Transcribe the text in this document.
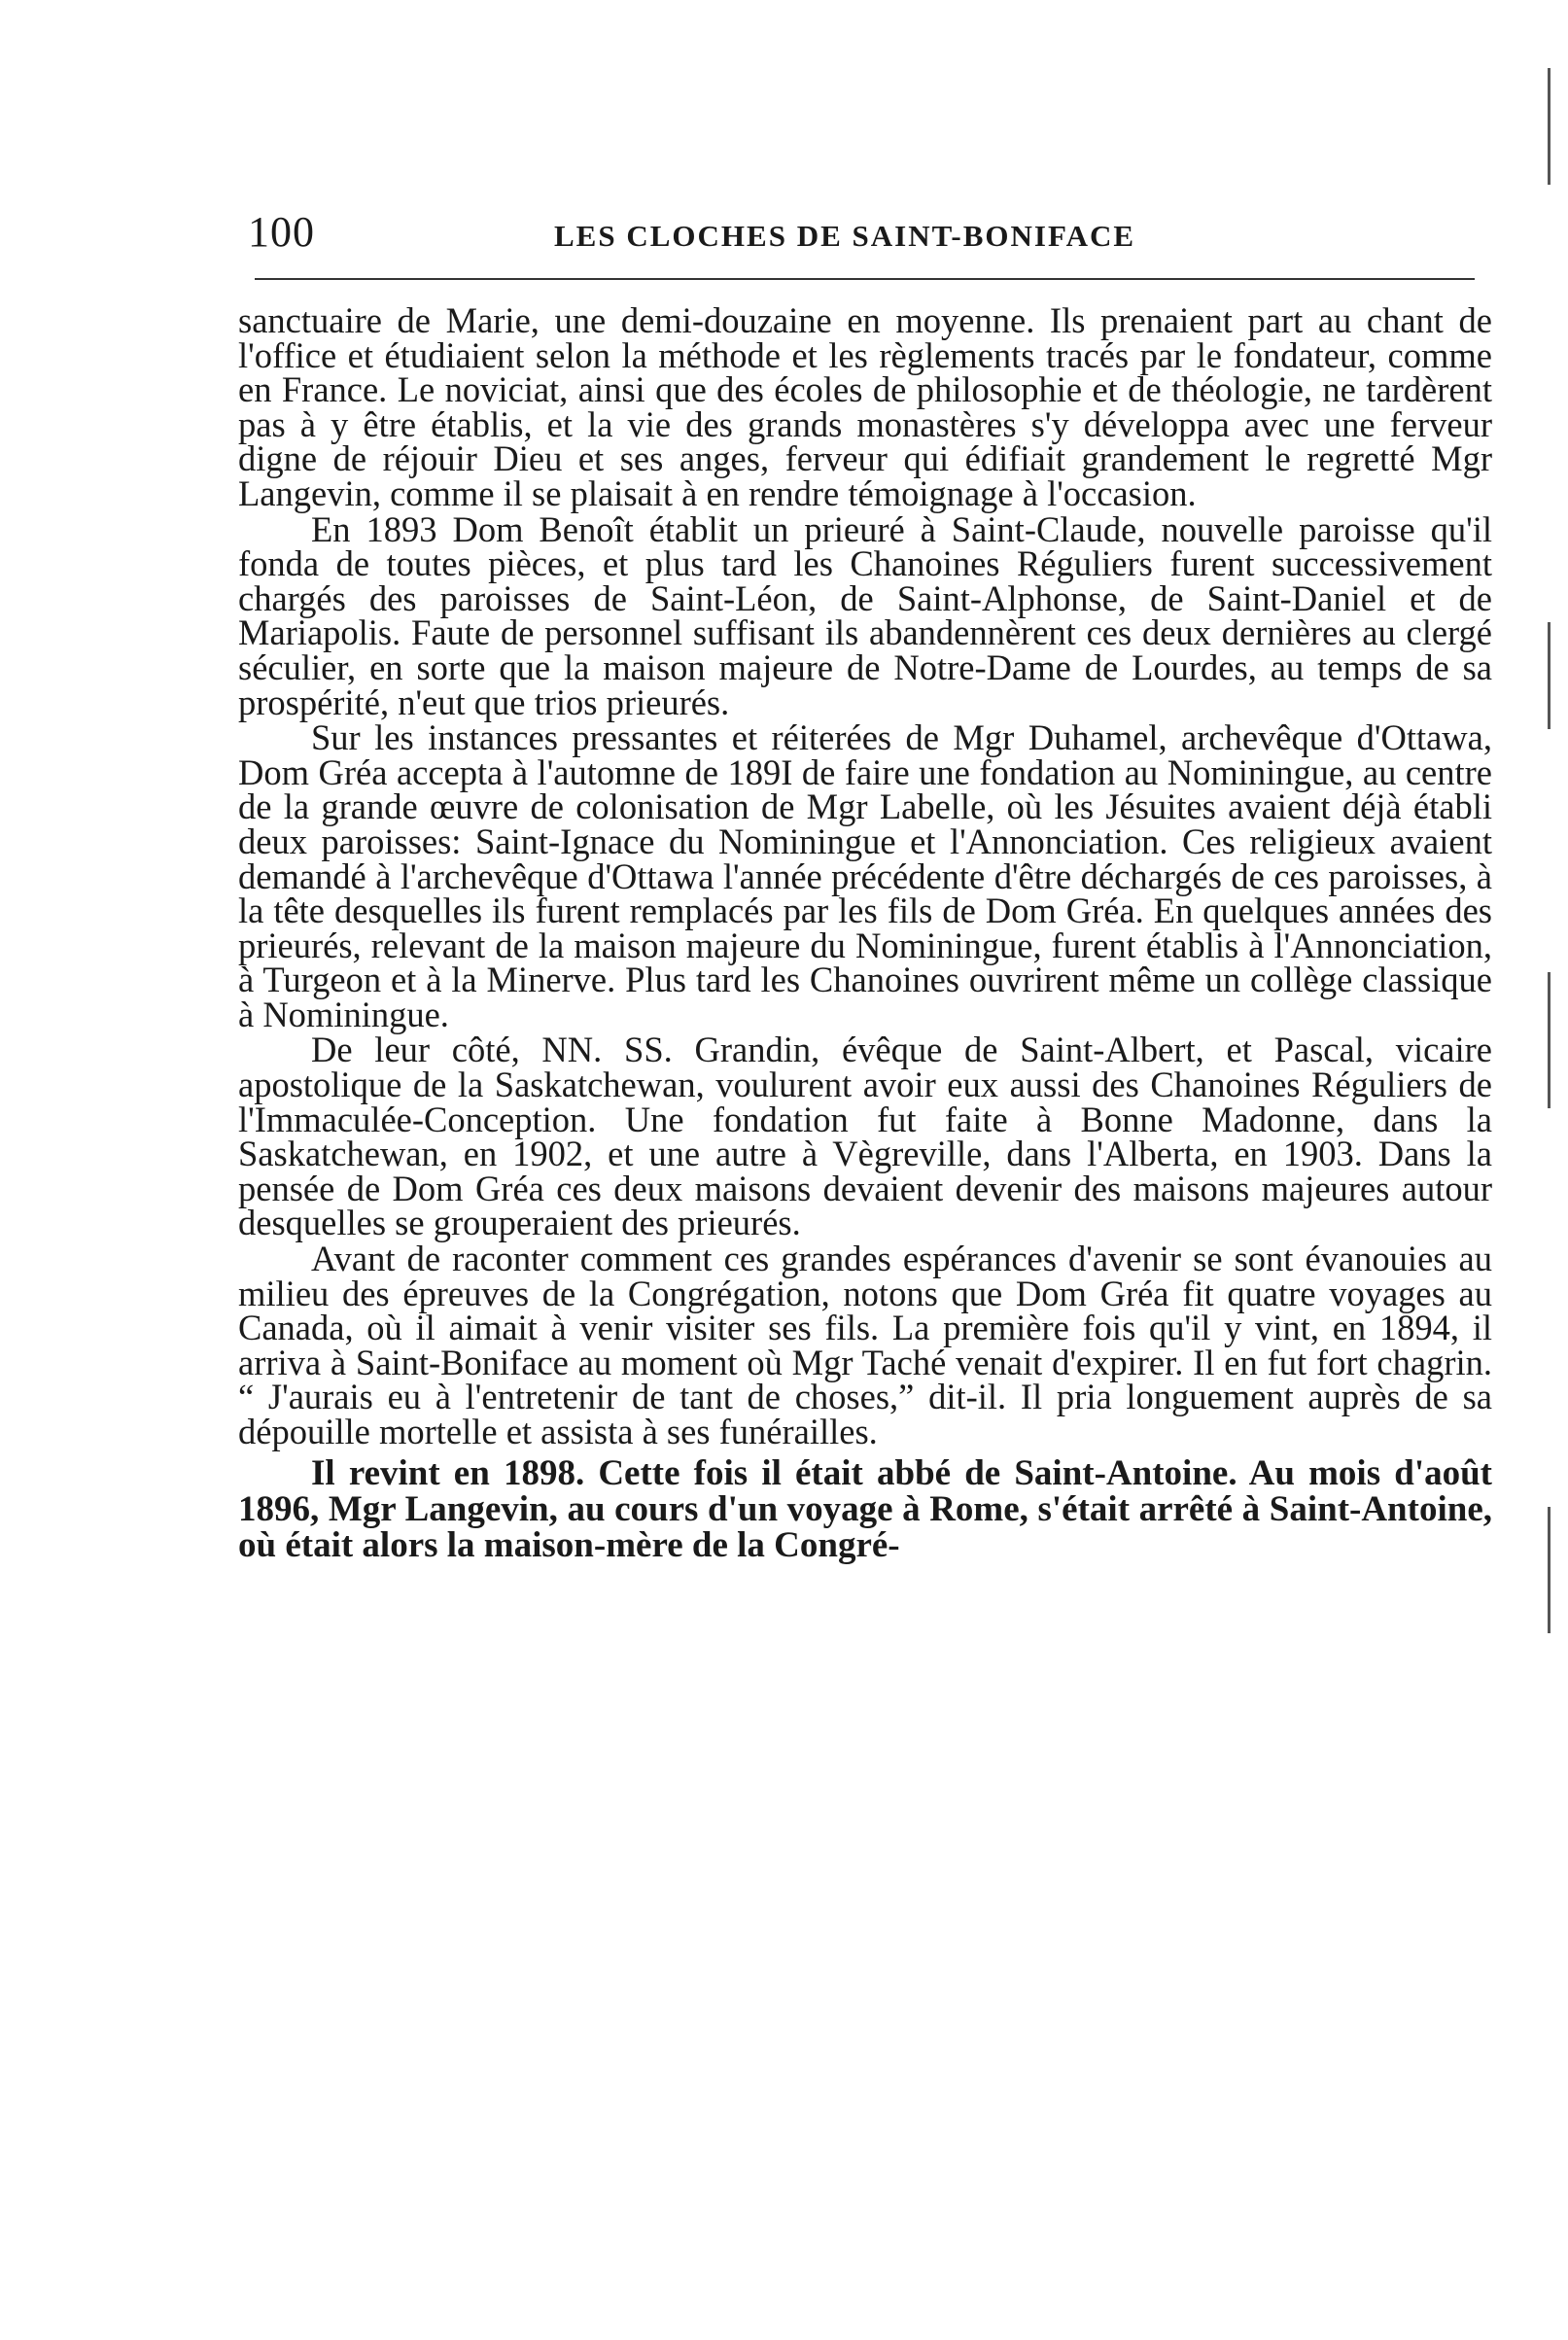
100	LES CLOCHES DE SAINT-BONIFACE

sanctuaire de Marie, une demi-douzaine en moyenne. Ils prenaient part au chant de l'office et étudiaient selon la méthode et les règlements tracés par le fondateur, comme en France. Le noviciat, ainsi que des écoles de philosophie et de théologie, ne tardèrent pas à y être établis, et la vie des grands monastères s'y développa avec une ferveur digne de réjouir Dieu et ses anges, ferveur qui édifiait grandement le regretté Mgr Langevin, comme il se plaisait à en rendre témoignage à l'occasion.

En 1893 Dom Benoît établit un prieuré à Saint-Claude, nouvelle paroisse qu'il fonda de toutes pièces, et plus tard les Chanoines Réguliers furent successivement chargés des paroisses de Saint-Léon, de Saint-Alphonse, de Saint-Daniel et de Mariapolis. Faute de personnel suffisant ils abandennèrent ces deux dernières au clergé séculier, en sorte que la maison majeure de Notre-Dame de Lourdes, au temps de sa prospérité, n'eut que trios prieurés.

Sur les instances pressantes et réiterées de Mgr Duhamel, archevêque d'Ottawa, Dom Gréa accepta à l'automne de 189I de faire une fondation au Nominingue, au centre de la grande œuvre de colonisation de Mgr Labelle, où les Jésuites avaient déjà établi deux paroisses: Saint-Ignace du Nominingue et l'Annonciation. Ces religieux avaient demandé à l'archevêque d'Ottawa l'année précédente d'être déchargés de ces paroisses, à la tête desquelles ils furent remplacés par les fils de Dom Gréa. En quelques années des prieurés, relevant de la maison majeure du Nominingue, furent établis à l'Annonciation, à Turgeon et à la Minerve. Plus tard les Chanoines ouvrirent même un collège classique à Nominingue.

De leur côté, NN. SS. Grandin, évêque de Saint-Albert, et Pascal, vicaire apostolique de la Saskatchewan, voulurent avoir eux aussi des Chanoines Réguliers de l'Immaculée-Conception. Une fondation fut faite à Bonne Madonne, dans la Saskatchewan, en 1902, et une autre à Vègreville, dans l'Alberta, en 1903. Dans la pensée de Dom Gréa ces deux maisons devaient devenir des maisons majeures autour desquelles se grouperaient des prieurés.

Avant de raconter comment ces grandes espérances d'avenir se sont évanouies au milieu des épreuves de la Congrégation, notons que Dom Gréa fit quatre voyages au Canada, où il aimait à venir visiter ses fils. La première fois qu'il y vint, en 1894, il arriva à Saint-Boniface au moment où Mgr Taché venait d'expirer. Il en fut fort chagrin. “ J'aurais eu à l'entretenir de tant de choses,” dit-il. Il pria longuement auprès de sa dépouille mortelle et assista à ses funérailles.

Il revint en 1898. Cette fois il était abbé de Saint-Antoine. Au mois d'août 1896, Mgr Langevin, au cours d'un voyage à Rome, s'était arrêté à Saint-Antoine, où était alors la maison-mère de la Congré-
